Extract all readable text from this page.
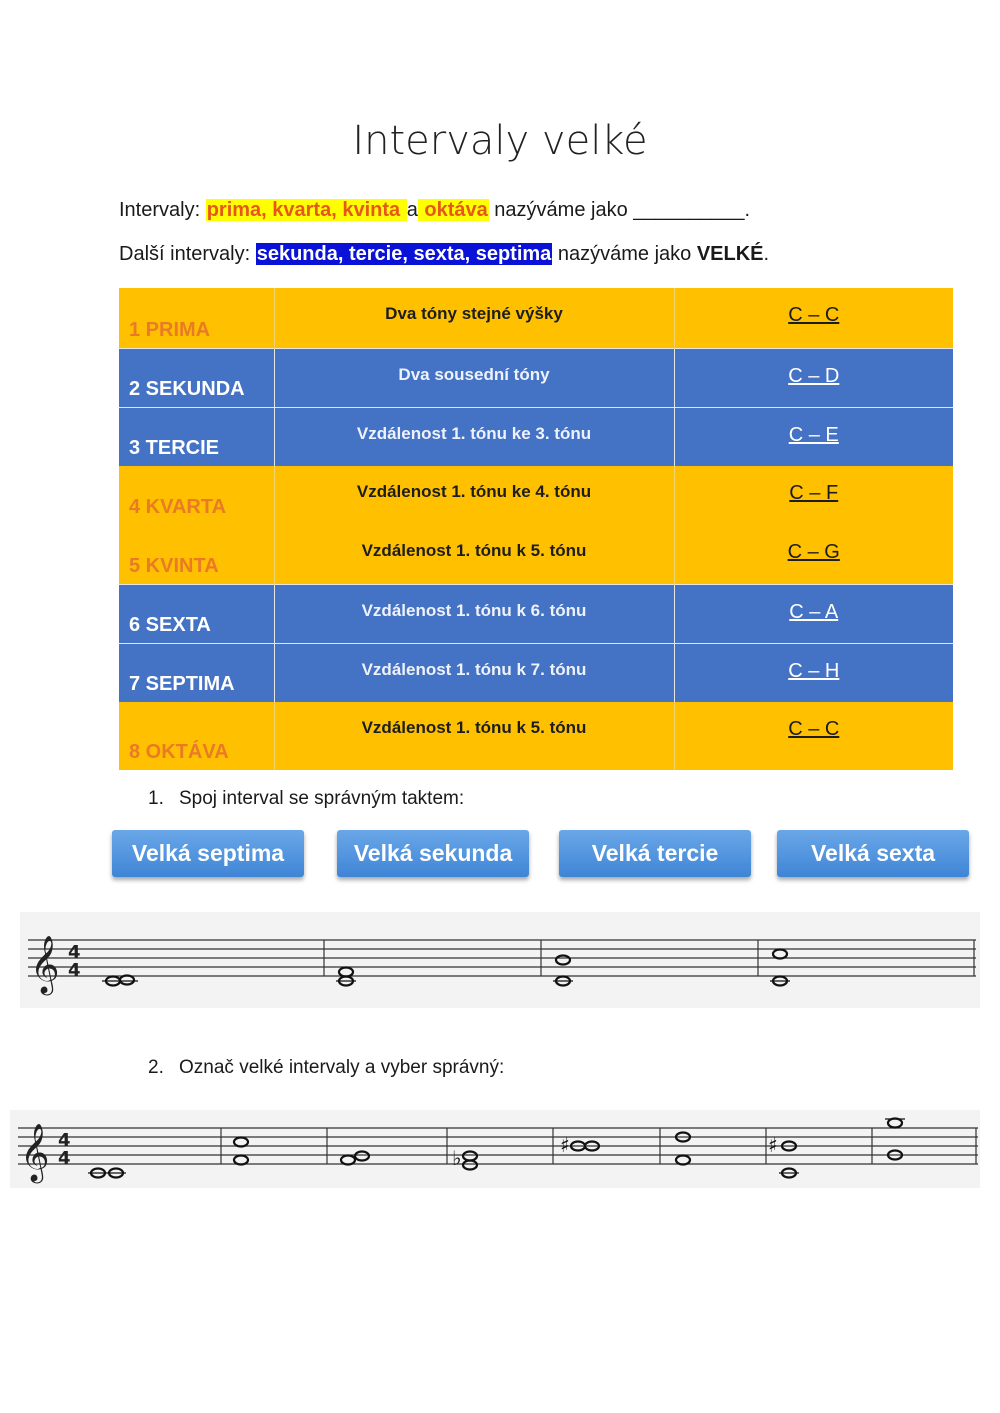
Intervaly velké
Intervaly: prima, kvarta, kvinta a oktáva nazýváme jako __________.
Další intervaly: sekunda, tercie, sexta, septima nazýváme jako VELKÉ.
1 PRIMA	Dva tóny stejné výšky	C – C

2 SEKUNDA	Dva sousední tóny	C – D

3 TERCIE	Vzdálenost 1. tónu ke 3. tónu	C – E

4 KVARTA	Vzdálenost 1. tónu ke 4. tónu	C – F

5 KVINTA	Vzdálenost 1. tónu k 5. tónu	C – G

6 SEXTA	Vzdálenost 1. tónu k 6. tónu	C – A

7 SEPTIMA	Vzdálenost 1. tónu k 7. tónu	C – H

8 OKTÁVA	Vzdálenost 1. tónu k 5. tónu	C – C
1. Spoj interval se správným taktem:
Velká septima	Velká sekunda	Velká tercie	Velká sexta
𝄞 4
4
2. Označ velké intervaly a vyber správný:
𝄞 4
4	♭
♯	♯
